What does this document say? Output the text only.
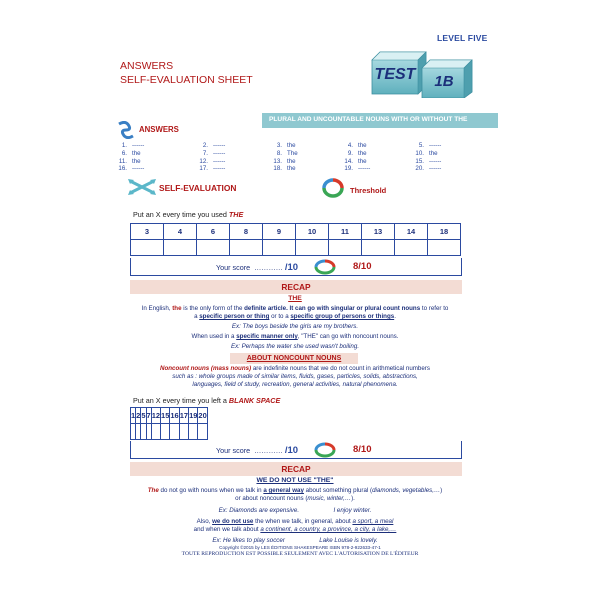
LEVEL FIVE
ANSWERS
SELF-EVALUATION SHEET	TEST 1B
PLURAL AND UNCOUNTABLE NOUNS WITH OR WITHOUT THE
ANSWERS
1. ------	2. ------	3. the	4. the	5. ------
6. the	7. ------	8. The	9. the	10. the
11. the	12. ------	13. the	14. the	15. ------
16. ------	17. ------	18. the	19. ------	20. ------
SELF-EVALUATION	Threshold
Put an X every time you used THE
3	4	6	8	9	10	11	13	14	18

Your score  ………… /10	8/10
RECAP
THE
In English, the is the only form of the definite article. It can go with singular or plural count nouns to refer to
a specific person or thing or to a specific group of persons or things.
Ex: The boys beside the girls are my brothers.
When used in a specific manner only, "THE" can go with noncount nouns.
Ex: Perhaps the water she used wasn't boiling.
ABOUT NONCOUNT NOUNS
Noncount nouns (mass nouns) are indefinite nouns that we do not count in arithmetical numbers
such as : whole groups made of similar items, fluids, gases, particles, solids, abstractions,
languages, field of study, recreation, general activities, natural phenomena.
Put an X every time you left a BLANK SPACE
1	2	5	7	12	15	16	17	19	20

Your score  ………… /10	8/10
RECAP
WE DO NOT USE "THE"
The do not go with nouns when we talk in a general way about something plural (diamonds, vegetables,…)
or about noncount nouns (music, winter,…).
Ex: Diamonds are expensive.	I enjoy winter.
Also, we do not use the when we talk, in general, about a sport, a meal
and when we talk about a continent, a country, a province, a city, a lake,…
Ex: He likes to play soccer	Lake Louise is lovely.
Copyright ©2015 by LES ÉDITIONS SHAKESPEARE ISBN 978-2-922633-47-1
TOUTE REPRODUCTION EST POSSIBLE SEULEMENT AVEC L'AUTORISATION DE L'ÉDITEUR
